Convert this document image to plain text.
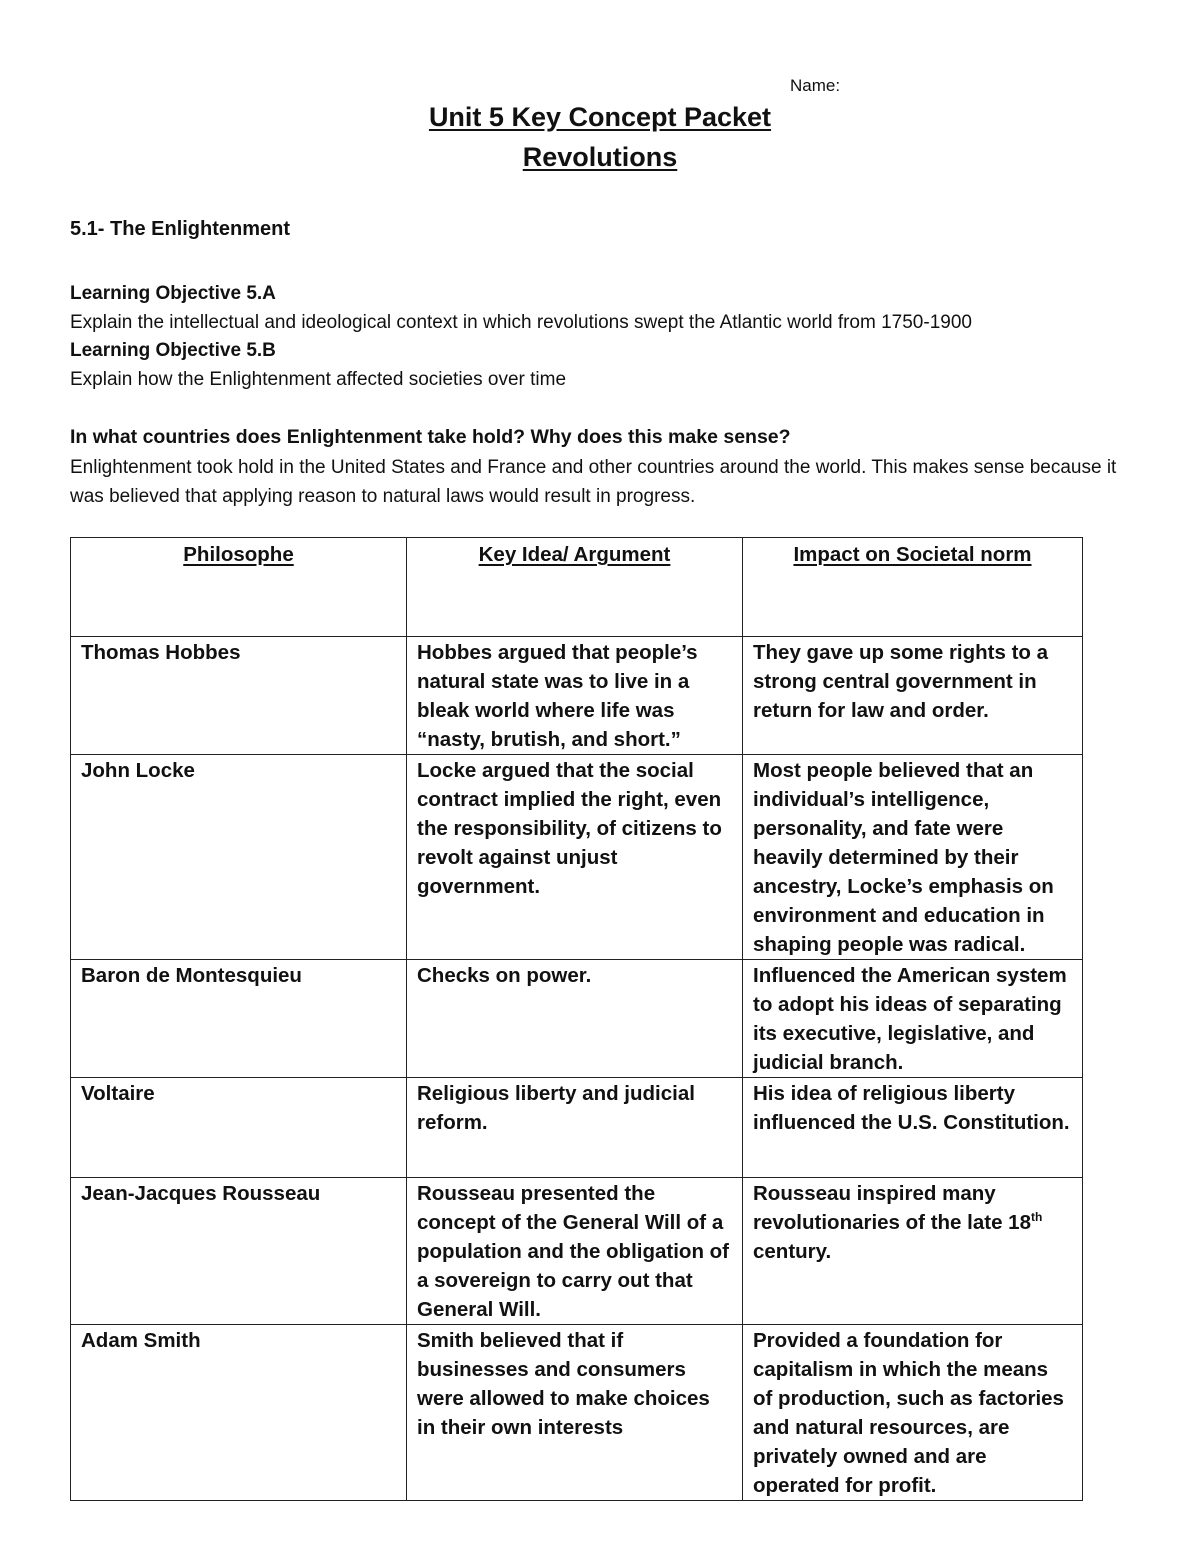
Name:
Unit 5 Key Concept Packet
Revolutions
5.1- The Enlightenment
Learning Objective 5.A
Explain the intellectual and ideological context in which revolutions swept the Atlantic world from 1750-1900
Learning Objective 5.B
Explain how the Enlightenment affected societies over time
In what countries does Enlightenment take hold? Why does this make sense?
Enlightenment took hold in the United States and France and other countries around the world. This makes sense because it was believed that applying reason to natural laws would result in progress.
Philosophe	Key Idea/ Argument	Impact on Societal norm
Thomas Hobbes	Hobbes argued that people’s natural state was to live in a bleak world where life was “nasty, brutish, and short.”	They gave up some rights to a strong central government in return for law and order.
John Locke	Locke argued that the social contract implied the right, even the responsibility, of citizens to revolt against unjust government.	Most people believed that an individual’s intelligence, personality, and fate were heavily determined by their ancestry, Locke’s emphasis on environment and education in shaping people was radical.
Baron de Montesquieu	Checks on power.	Influenced the American system to adopt his ideas of separating its executive, legislative, and judicial branch.
Voltaire	Religious liberty and judicial reform.	His idea of religious liberty influenced the U.S. Constitution.
Jean-Jacques Rousseau	Rousseau presented the concept of the General Will of a population and the obligation of a sovereign to carry out that General Will.	Rousseau inspired many revolutionaries of the late 18th century.
Adam Smith	Smith believed that if businesses and consumers were allowed to make choices in their own interests	Provided a foundation for capitalism in which the means of production, such as factories and natural resources, are privately owned and are operated for profit.
